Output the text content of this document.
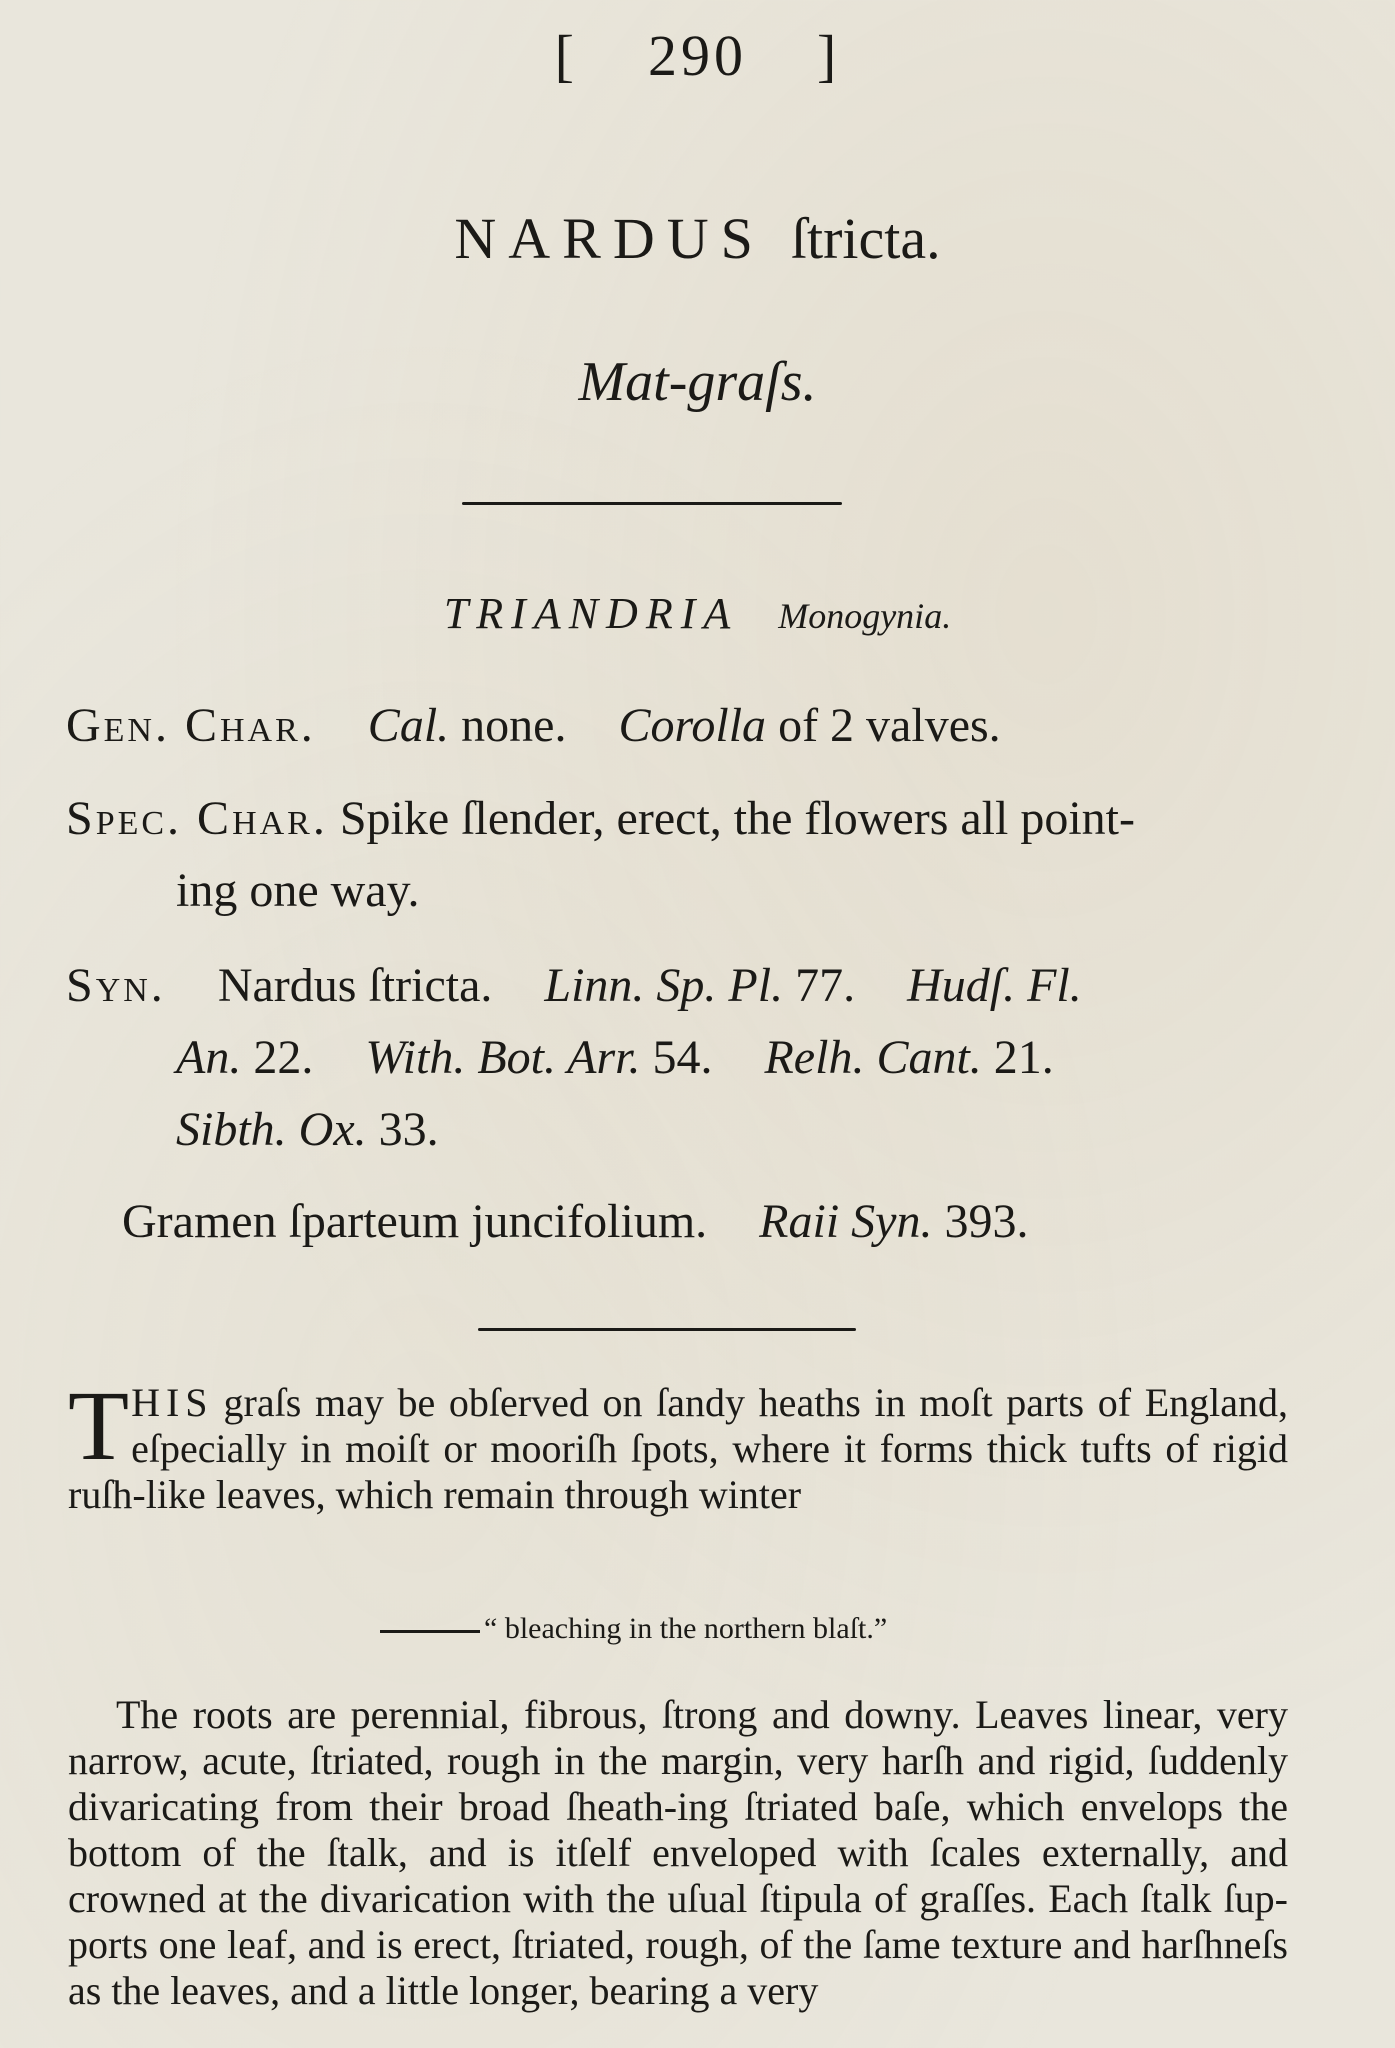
[ 290 ]
NARDUS ſtricta.
Mat-graſs.
TRIANDRIA Monogynia.
Gen. Char. Cal. none. Corolla of 2 valves.
Spec. Char. Spike ſlender, erect, the flowers all point-
ing one way.
Syn. Nardus ſtricta. Linn. Sp. Pl. 77. Hudſ. Fl.
An. 22. With. Bot. Arr. 54. Relh. Cant. 21.
Sibth. Ox. 33.
Gramen ſparteum juncifolium. Raii Syn. 393.
THIS graſs may be obſerved on ſandy heaths in moſt parts of England, eſpecially in moiſt or mooriſh ſpots, where it forms thick tufts of rigid ruſh-like leaves, which remain through winter
“ bleaching in the northern blaſt.”
The roots are perennial, fibrous, ſtrong and downy. Leaves linear, very narrow, acute, ſtriated, rough in the margin, very harſh and rigid, ſuddenly divaricating from their broad ſheath-ing ſtriated baſe, which envelops the bottom of the ſtalk, and is itſelf enveloped with ſcales externally, and crowned at the divarication with the uſual ſtipula of graſſes. Each ſtalk ſup-ports one leaf, and is erect, ſtriated, rough, of the ſame texture and harſhneſs as the leaves, and a little longer, bearing a very
